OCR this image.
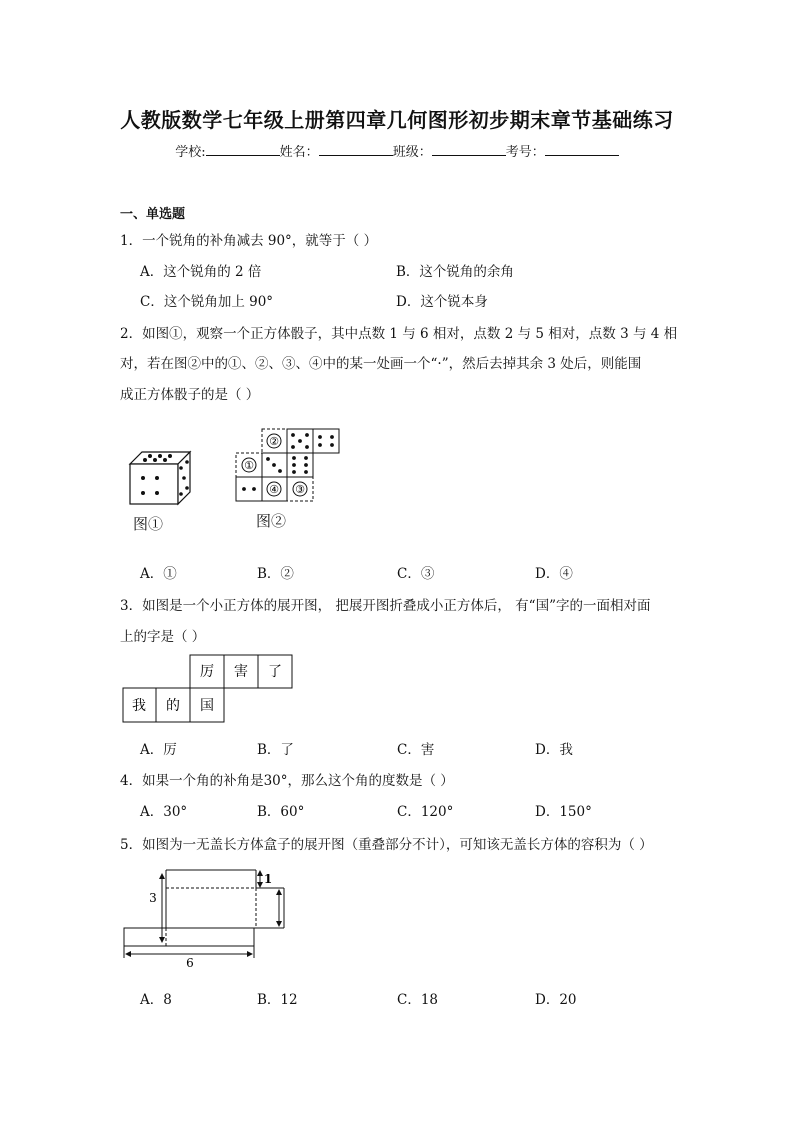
人教版数学七年级上册第四章几何图形初步期末章节基础练习
学校:	姓名：	班级：	考号：
一、单选题
1．一个锐角的补角减去 90°，就等于（ ）
A．这个锐角的 2 倍	B．这个锐角的余角
C．这个锐角加上 90°	D．这个锐本身
2．如图①，观察一个正方体骰子，其中点数 1 与 6 相对，点数 2 与 5 相对，点数 3 与 4 相
对，若在图②中的①、②、③、④中的某一处画一个“·”，然后去掉其余 3 处后，则能围
成正方体骰子的是（ ）
图①
②
①
④ ③
图②
A．①	B．②	C．③	D．④
3．如图是一个小正方体的展开图， 把展开图折叠成小正方体后， 有“国”字的一面相对面
上的字是（ ）
厉 害 了
我 的 国
A．厉	B．了	C．害	D．我
4．如果一个角的补角是30°，那么这个角的度数是（ ）
A．30°	B．60°	C．120°	D．150°
5．如图为一无盖长方体盒子的展开图（重叠部分不计），可知该无盖长方体的容积为（ ）
3
1
6
A．8	B．12	C．18	D．20
